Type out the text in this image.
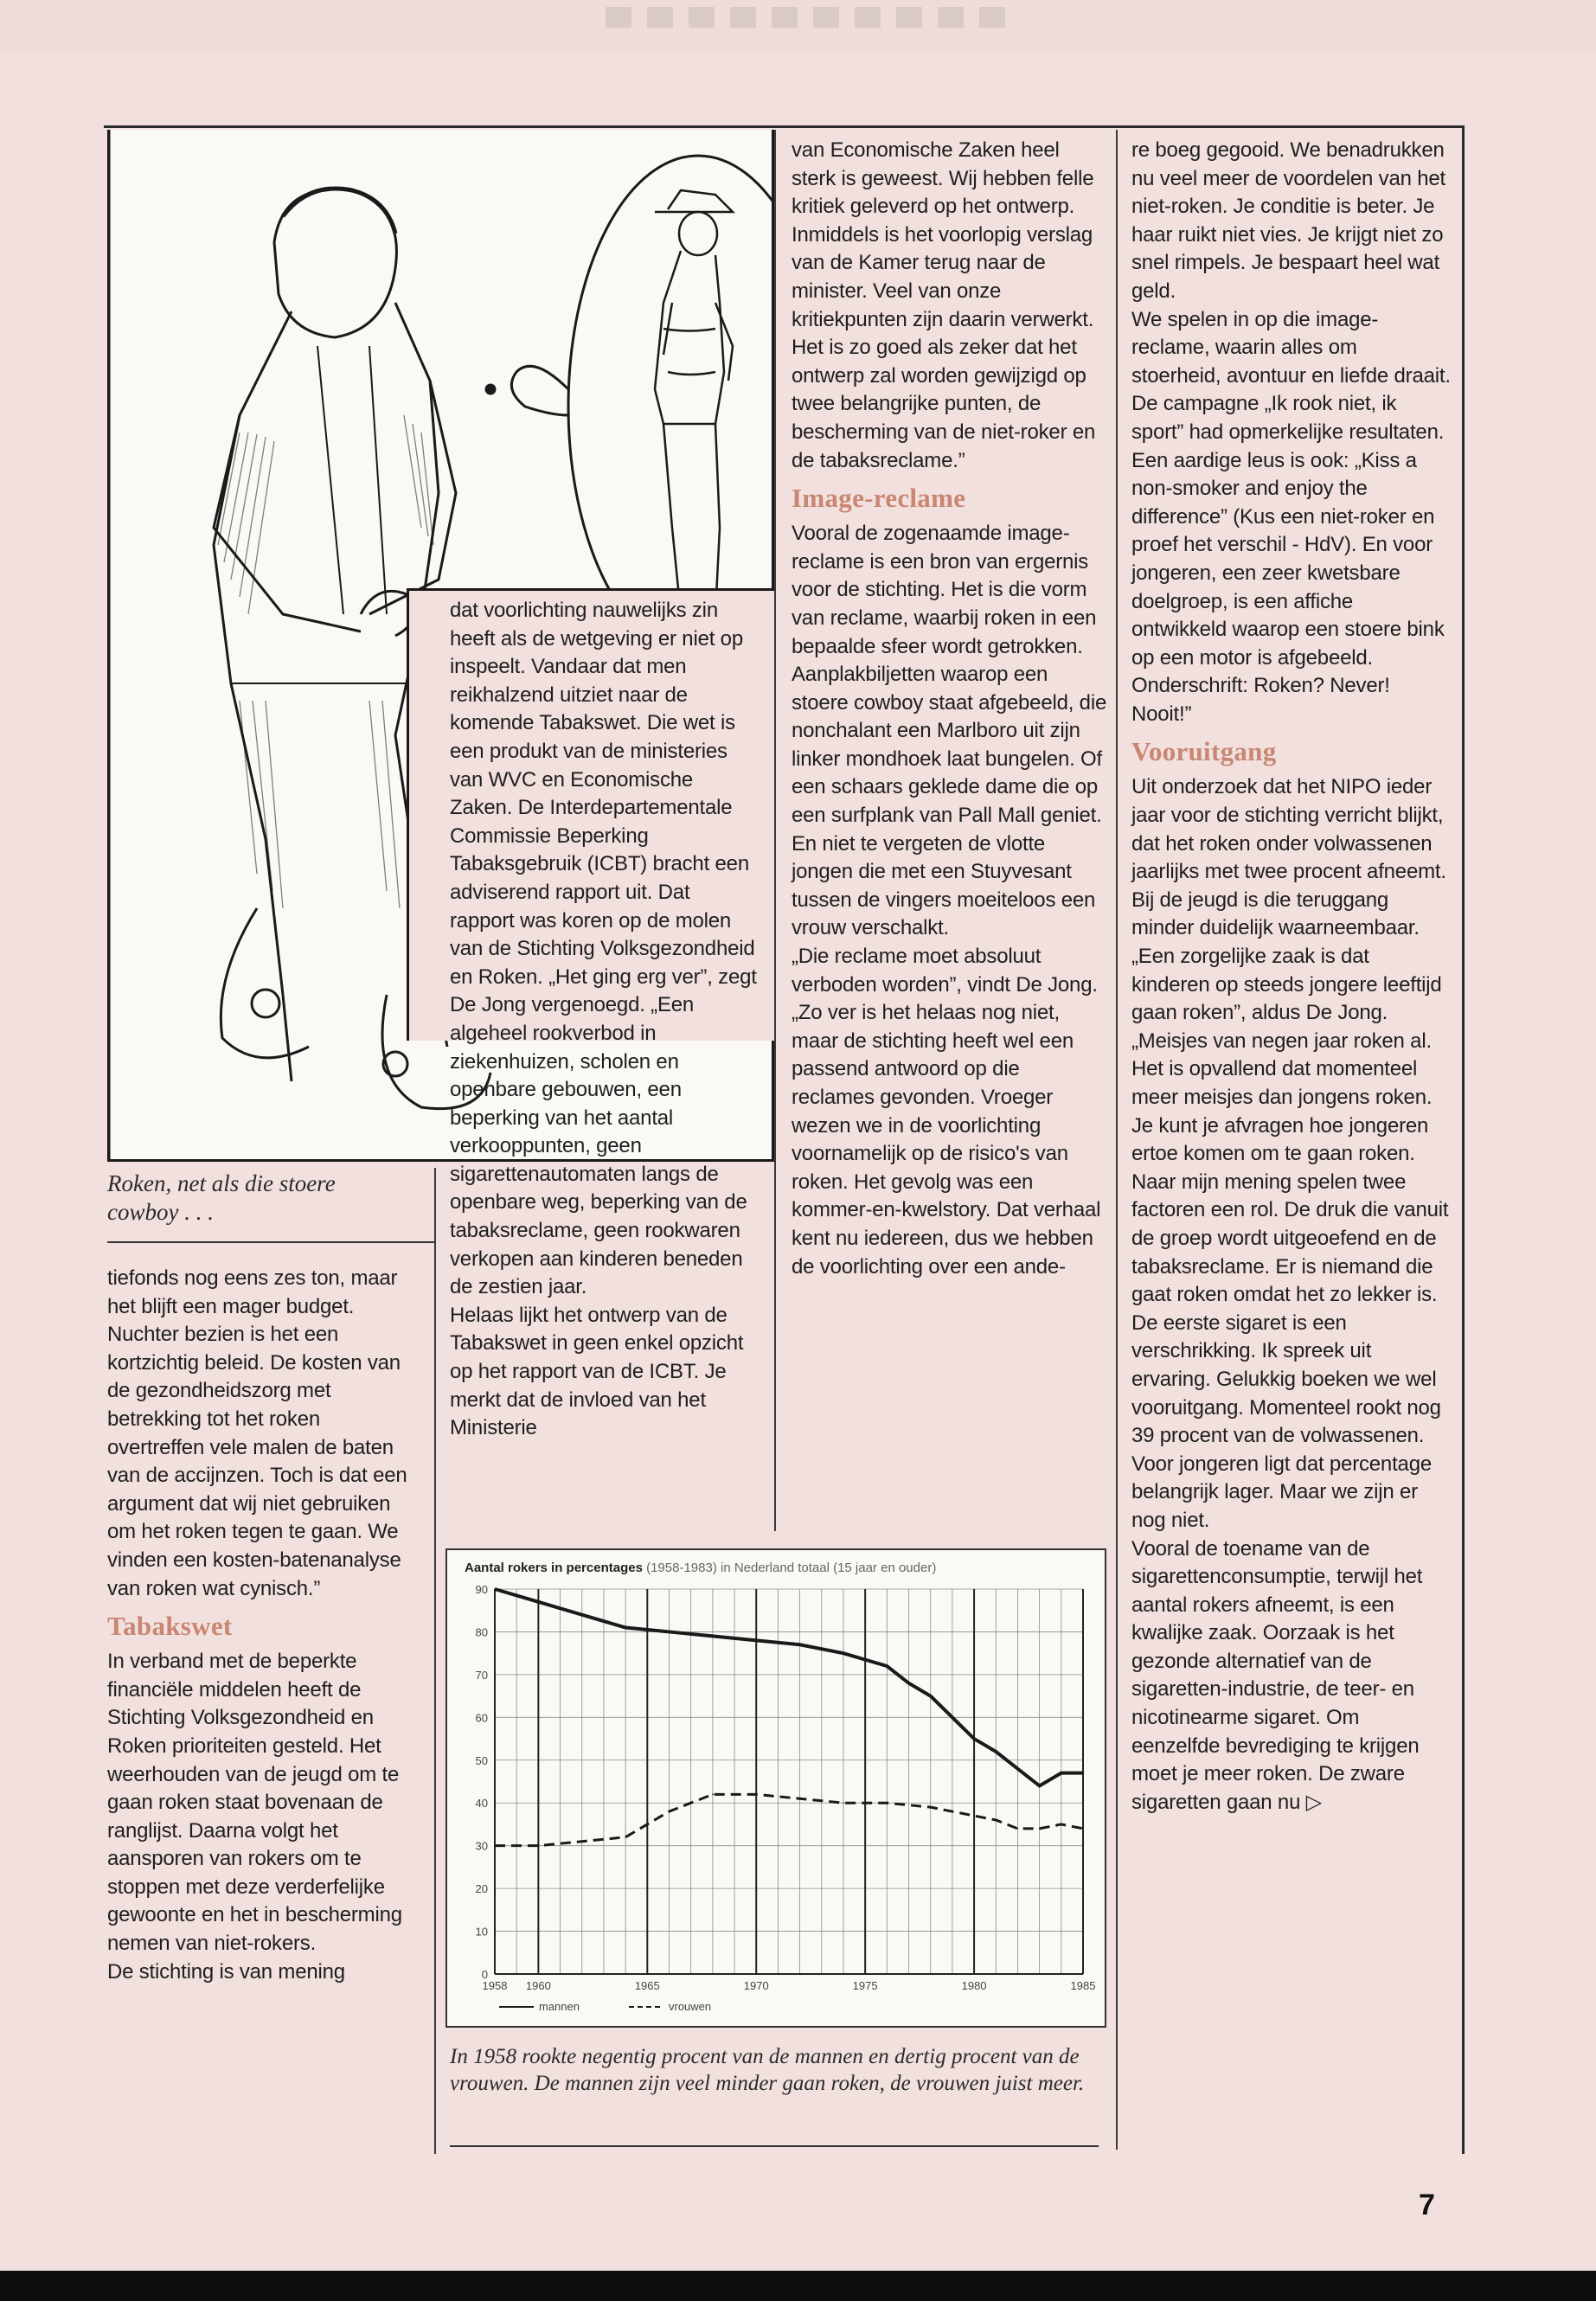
Roken, net als die stoere cowboy . . .

tiefonds nog eens zes ton, maar het blijft een mager budget. Nuchter bezien is het een kortzichtig beleid. De kosten van de gezondheidszorg met betrekking tot het roken overtreffen vele malen de baten van de accijnzen. Toch is dat een argument dat wij niet gebruiken om het roken tegen te gaan. We vinden een kosten-batenanalyse van roken wat cynisch.”

Tabakswet

In verband met de beperkte financiële middelen heeft de Stichting Volksgezondheid en Roken prioriteiten gesteld. Het weerhouden van de jeugd om te gaan roken staat bovenaan de ranglijst. Daarna volgt het aansporen van rokers om te stoppen met deze verderfelijke gewoonte en het in bescherming nemen van niet-rokers.

De stichting is van mening

dat voorlichting nauwelijks zin heeft als de wetgeving er niet op inspeelt. Vandaar dat men reikhalzend uitziet naar de komende Tabakswet. Die wet is een produkt van de ministeries van WVC en Economische Zaken. De Interdepartementale Commissie Beperking Tabaksgebruik (ICBT) bracht een adviserend rapport uit. Dat rapport was koren op de molen van de Stichting Volksgezondheid en Roken. „Het ging erg ver”, zegt De Jong vergenoegd. „Een algeheel rookverbod in ziekenhuizen, scholen en openbare gebouwen, een beperking van het aantal verkooppunten, geen sigarettenautomaten langs de openbare weg, beperking van de tabaksreclame, geen rookwaren verkopen aan kinderen beneden de zestien jaar.

Helaas lijkt het ontwerp van de Tabakswet in geen enkel opzicht op het rapport van de ICBT. Je merkt dat de invloed van het Ministerie

van Economische Zaken heel sterk is geweest. Wij hebben felle kritiek geleverd op het ontwerp. Inmiddels is het voorlopig verslag van de Kamer terug naar de minister. Veel van onze kritiekpunten zijn daarin verwerkt. Het is zo goed als zeker dat het ontwerp zal worden gewijzigd op twee belangrijke punten, de bescherming van de niet-roker en de tabaksreclame.”

Image-reclame

Vooral de zogenaamde image-reclame is een bron van ergernis voor de stichting. Het is die vorm van reclame, waarbij roken in een bepaalde sfeer wordt getrokken. Aanplakbiljetten waarop een stoere cowboy staat afgebeeld, die nonchalant een Marlboro uit zijn linker mondhoek laat bungelen. Of een schaars geklede dame die op een surfplank van Pall Mall geniet. En niet te vergeten de vlotte jongen die met een Stuyvesant tussen de vingers moeiteloos een vrouw verschalkt.

„Die reclame moet absoluut verboden worden”, vindt De Jong. „Zo ver is het helaas nog niet, maar de stichting heeft wel een passend antwoord op die reclames gevonden. Vroeger wezen we in de voorlichting voornamelijk op de risico's van roken. Het gevolg was een kommer-en-kwelstory. Dat verhaal kent nu iedereen, dus we hebben de voorlichting over een ande-

re boeg gegooid. We benadrukken nu veel meer de voordelen van het niet-roken. Je conditie is beter. Je haar ruikt niet vies. Je krijgt niet zo snel rimpels. Je bespaart heel wat geld.

We spelen in op die image-reclame, waarin alles om stoerheid, avontuur en liefde draait. De campagne „Ik rook niet, ik sport” had opmerkelijke resultaten. Een aardige leus is ook: „Kiss a non-smoker and enjoy the difference” (Kus een niet-roker en proef het verschil - HdV). En voor jongeren, een zeer kwetsbare doelgroep, is een affiche ontwikkeld waarop een stoere bink op een motor is afgebeeld. Onderschrift: Roken? Never! Nooit!”

Vooruitgang

Uit onderzoek dat het NIPO ieder jaar voor de stichting verricht blijkt, dat het roken onder volwassenen jaarlijks met twee procent afneemt. Bij de jeugd is die teruggang minder duidelijk waarneembaar. „Een zorgelijke zaak is dat kinderen op steeds jongere leeftijd gaan roken”, aldus De Jong.

„Meisjes van negen jaar roken al. Het is opvallend dat momenteel meer meisjes dan jongens roken.

Je kunt je afvragen hoe jongeren ertoe komen om te gaan roken. Naar mijn mening spelen twee factoren een rol. De druk die vanuit de groep wordt uitgeoefend en de tabaksreclame. Er is niemand die gaat roken omdat het zo lekker is. De eerste sigaret is een verschrikking. Ik spreek uit ervaring. Gelukkig boeken we wel vooruitgang. Momenteel rookt nog 39 procent van de volwassenen. Voor jongeren ligt dat percentage belangrijk lager. Maar we zijn er nog niet.

Vooral de toename van de sigarettenconsumptie, terwijl het aantal rokers afneemt, is een kwalijke zaak. Oorzaak is het gezonde alternatief van de sigaretten-industrie, de teer- en nicotinearme sigaret. Om eenzelfde bevrediging te krijgen moet je meer roken. De zware sigaretten gaan nu ▷

Aantal rokers in percentages (1958-1983) in Nederland totaal (15 jaar en ouder)
0
10
20
30
40
50
60
70
80
90
1958 1960	1965	1970	1975	1980	1985
mannen	vrouwen
In 1958 rookte negentig procent van de mannen en dertig procent van de vrouwen. De mannen zijn veel minder gaan roken, de vrouwen juist meer.
7
